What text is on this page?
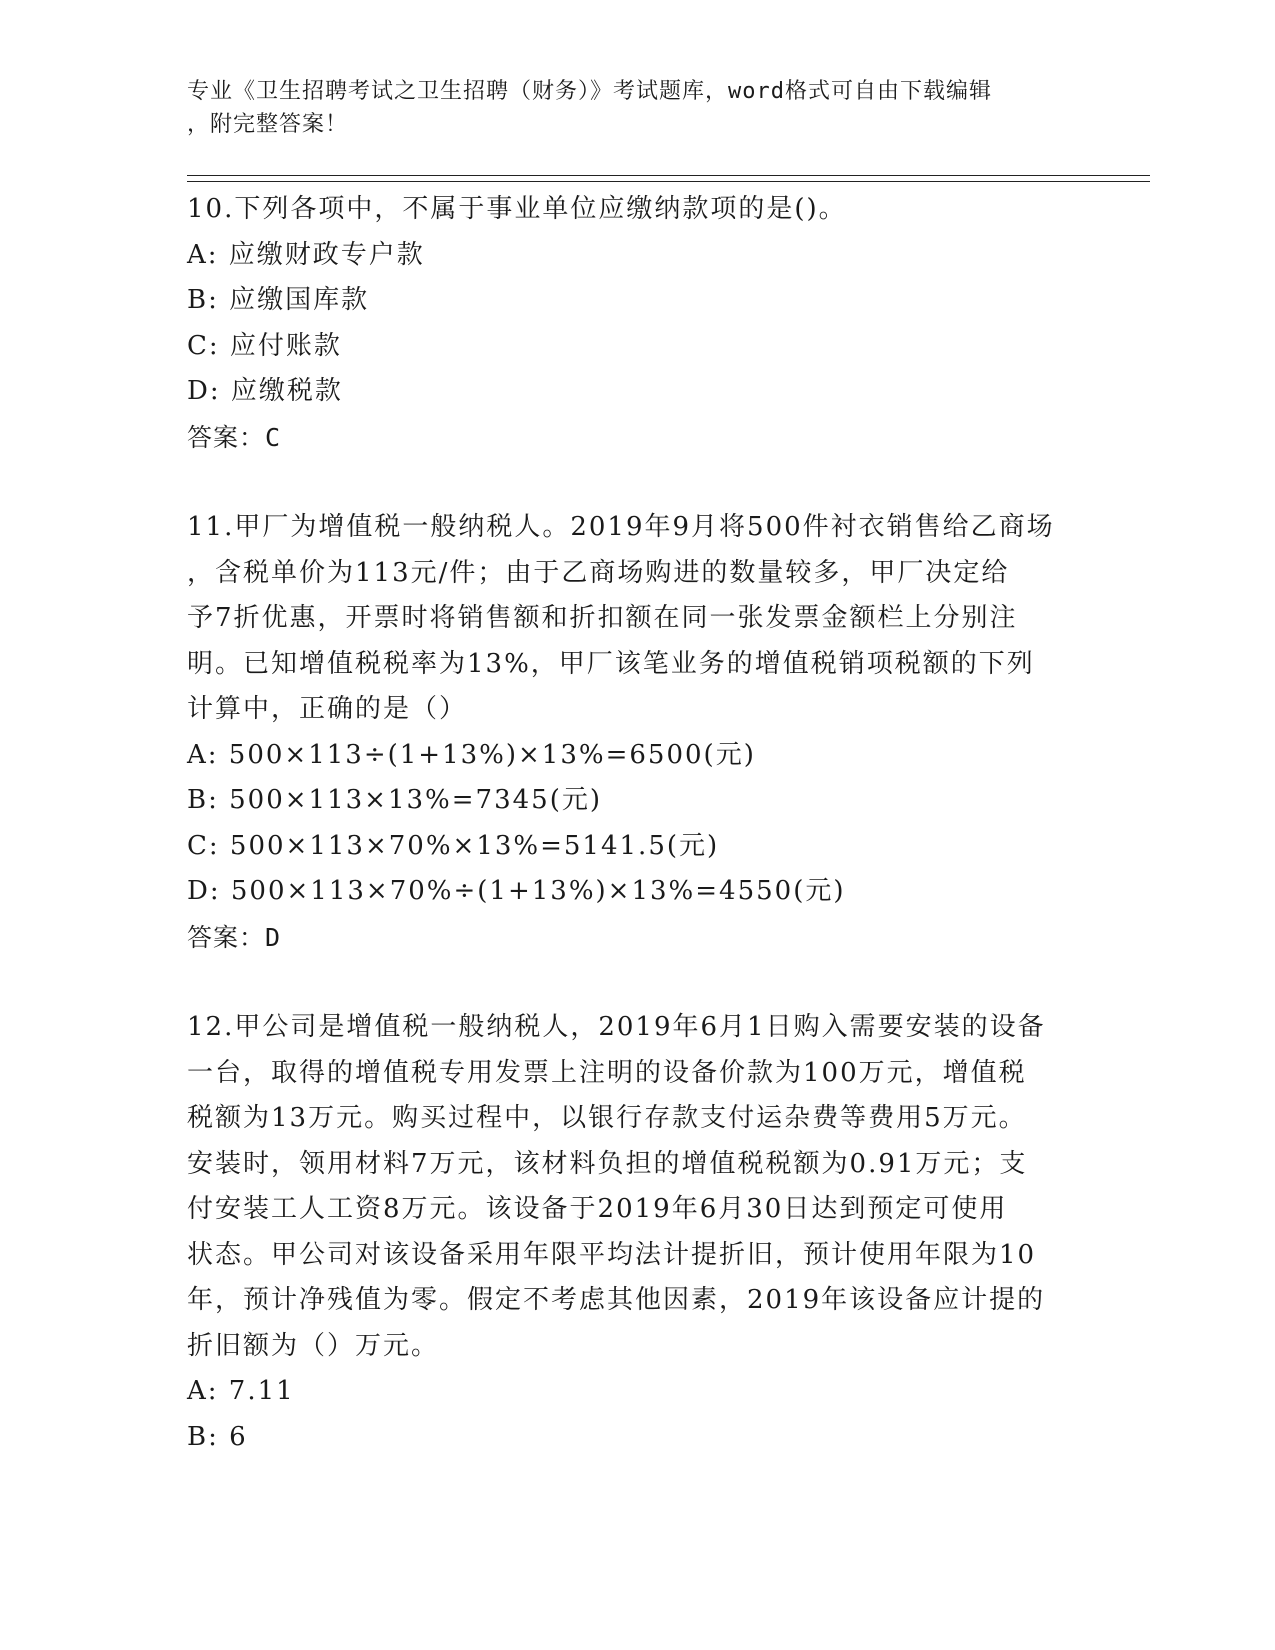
专业《卫生招聘考试之卫生招聘（财务）》考试题库，word格式可自由下载编辑
，附完整答案！

10.下列各项中，不属于事业单位应缴纳款项的是()。

A: 应缴财政专户款

B: 应缴国库款

C: 应付账款

D: 应缴税款

答案：C

11.甲厂为增值税一般纳税人。2019年9月将500件衬衣销售给乙商场

，含税单价为113元/件；由于乙商场购进的数量较多，甲厂决定给

予7折优惠，开票时将销售额和折扣额在同一张发票金额栏上分别注

明。已知增值税税率为13%，甲厂该笔业务的增值税销项税额的下列

计算中，正确的是（）

A: 500×113÷(1+13%)×13%=6500(元)

B: 500×113×13%=7345(元)

C: 500×113×70%×13%=5141.5(元)

D: 500×113×70%÷(1+13%)×13%=4550(元)

答案：D

12.甲公司是增值税一般纳税人，2019年6月1日购入需要安装的设备

一台，取得的增值税专用发票上注明的设备价款为100万元，增值税

税额为13万元。购买过程中，以银行存款支付运杂费等费用5万元。

安装时，领用材料7万元，该材料负担的增值税税额为0.91万元；支

付安装工人工资8万元。该设备于2019年6月30日达到预定可使用

状态。甲公司对该设备采用年限平均法计提折旧，预计使用年限为10

年，预计净残值为零。假定不考虑其他因素，2019年该设备应计提的

折旧额为（）万元。

A: 7.11

B: 6
